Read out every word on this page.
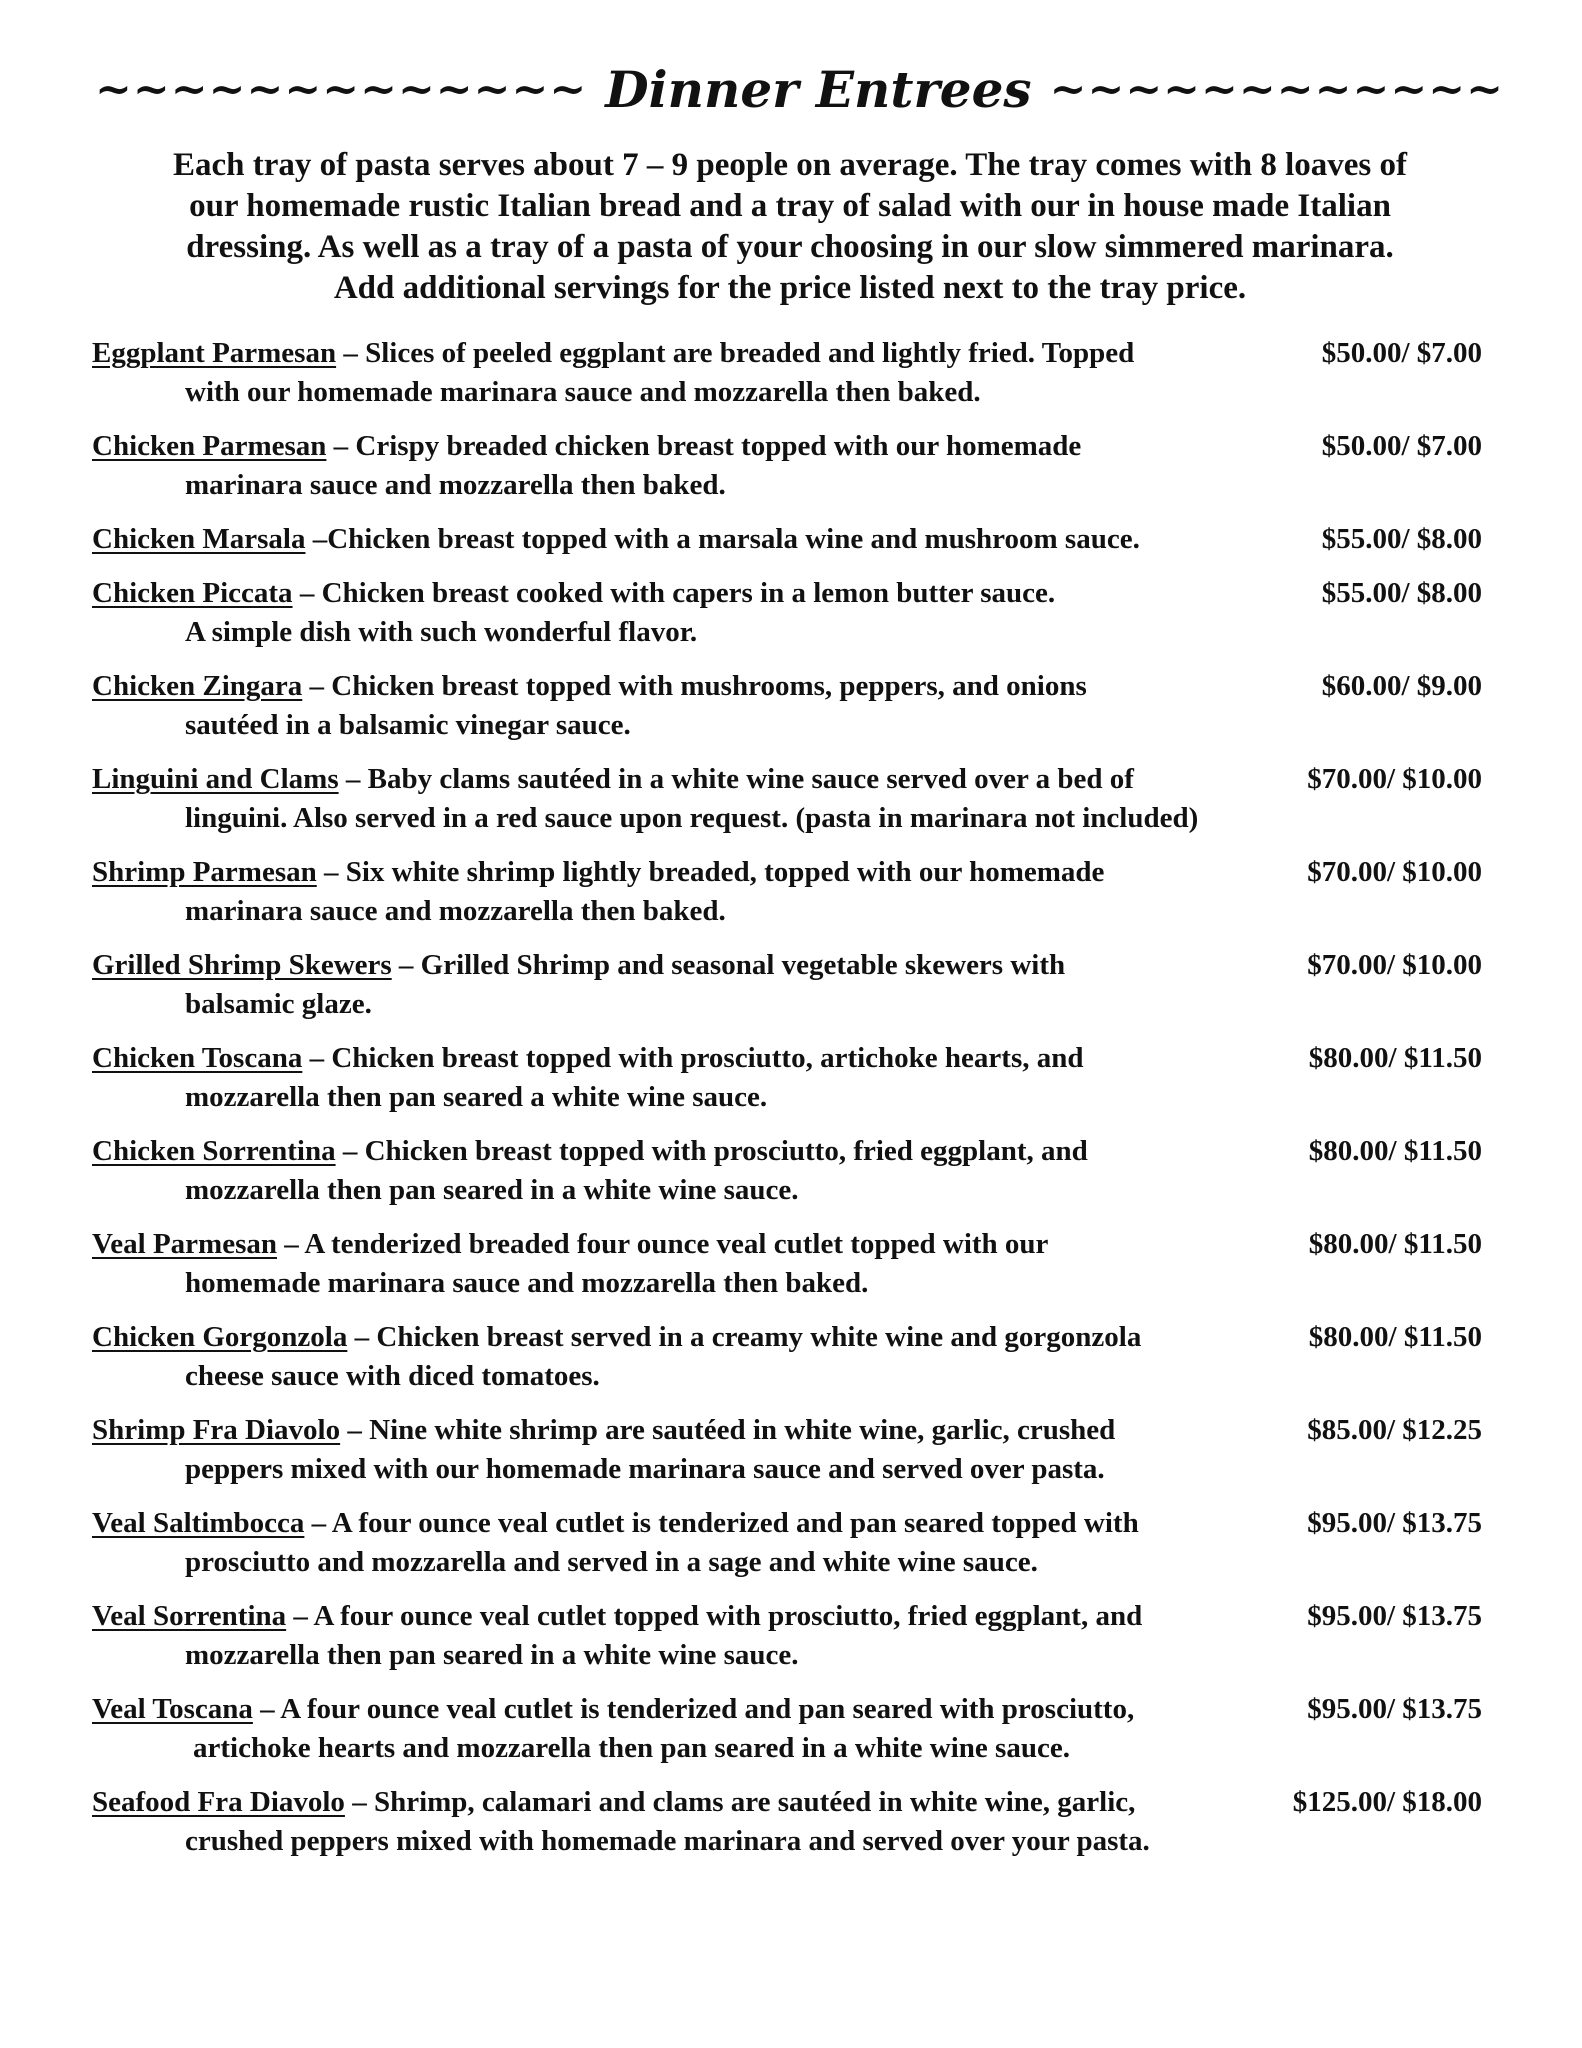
~~~~~~~~~~~~~ Dinner Entrees ~~~~~~~~~~~~
Each tray of pasta serves about 7 – 9 people on average. The tray comes with 8 loaves of
our homemade rustic Italian bread and a tray of salad with our in house made Italian
dressing. As well as a tray of a pasta of your choosing in our slow simmered marinara.
Add additional servings for the price listed next to the tray price.
Eggplant Parmesan – Slices of peeled eggplant are breaded and lightly fried. Topped
with our homemade marinara sauce and mozzarella then baked.
$50.00/ $7.00
Chicken Parmesan – Crispy breaded chicken breast topped with our homemade
marinara sauce and mozzarella then baked.
$50.00/ $7.00
Chicken Marsala –Chicken breast topped with a marsala wine and mushroom sauce.	$55.00/ $8.00
Chicken Piccata – Chicken breast cooked with capers in a lemon butter sauce.
A simple dish with such wonderful flavor.
$55.00/ $8.00
Chicken Zingara – Chicken breast topped with mushrooms, peppers, and onions
sautéed in a balsamic vinegar sauce.
$60.00/ $9.00
Linguini and Clams – Baby clams sautéed in a white wine sauce served over a bed of
linguini. Also served in a red sauce upon request. (pasta in marinara not included)
$70.00/ $10.00
Shrimp Parmesan – Six white shrimp lightly breaded, topped with our homemade
marinara sauce and mozzarella then baked.
$70.00/ $10.00
Grilled Shrimp Skewers – Grilled Shrimp and seasonal vegetable skewers with
balsamic glaze.
$70.00/ $10.00
Chicken Toscana – Chicken breast topped with prosciutto, artichoke hearts, and
mozzarella then pan seared a white wine sauce.
$80.00/ $11.50
Chicken Sorrentina – Chicken breast topped with prosciutto, fried eggplant, and
mozzarella then pan seared in a white wine sauce.
$80.00/ $11.50
Veal Parmesan – A tenderized breaded four ounce veal cutlet topped with our
homemade marinara sauce and mozzarella then baked.
$80.00/ $11.50
Chicken Gorgonzola – Chicken breast served in a creamy white wine and gorgonzola
cheese sauce with diced tomatoes.
$80.00/ $11.50
Shrimp Fra Diavolo – Nine white shrimp are sautéed in white wine, garlic, crushed
peppers mixed with our homemade marinara sauce and served over pasta.
$85.00/ $12.25
Veal Saltimbocca – A four ounce veal cutlet is tenderized and pan seared topped with
prosciutto and mozzarella and served in a sage and white wine sauce.
$95.00/ $13.75
Veal Sorrentina – A four ounce veal cutlet topped with prosciutto, fried eggplant, and
mozzarella then pan seared in a white wine sauce.
$95.00/ $13.75
Veal Toscana – A four ounce veal cutlet is tenderized and pan seared with prosciutto,
artichoke hearts and mozzarella then pan seared in a white wine sauce.
$95.00/ $13.75
Seafood Fra Diavolo – Shrimp, calamari and clams are sautéed in white wine, garlic,
crushed peppers mixed with homemade marinara and served over your pasta.
$125.00/ $18.00
